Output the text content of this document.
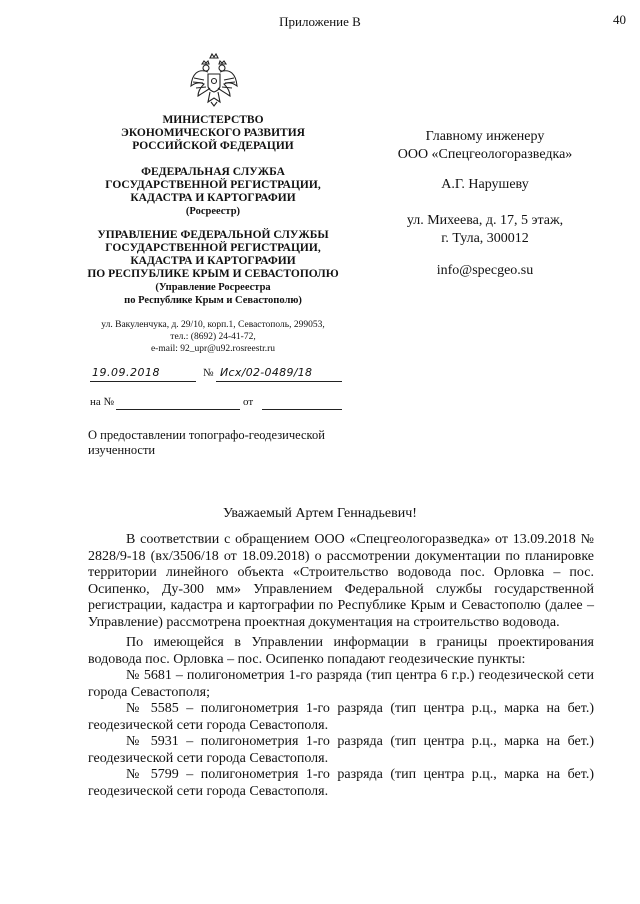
Приложение В	40
МИНИСТЕРСТВО
ЭКОНОМИЧЕСКОГО РАЗВИТИЯ
РОССИЙСКОЙ ФЕДЕРАЦИИ
ФЕДЕРАЛЬНАЯ СЛУЖБА
ГОСУДАРСТВЕННОЙ РЕГИСТРАЦИИ,
КАДАСТРА И КАРТОГРАФИИ
(Росреестр)
УПРАВЛЕНИЕ ФЕДЕРАЛЬНОЙ СЛУЖБЫ
ГОСУДАРСТВЕННОЙ РЕГИСТРАЦИИ,
КАДАСТРА И КАРТОГРАФИИ
ПО РЕСПУБЛИКЕ КРЫМ И СЕВАСТОПОЛЮ
(Управление Росреестра
по Республике Крым и Севастополю)
ул. Вакуленчука, д. 29/10, корп.1, Севастополь, 299053,
тел.: (8692) 24-41-72,
e-mail: 92_upr@u92.rosreestr.ru
19.09.2018	№ Исх/02-0489/18
на №	от
О предоставлении топографо-геодезической
изученности
Главному инженеру
ООО «Спецгеологоразведка»
А.Г. Нарушеву
ул. Михеева, д. 17, 5 этаж,
г. Тула, 300012
info@specgeo.su
Уважаемый Артем Геннадьевич!

В соответствии с обращением ООО «Спецгеологоразведка» от 13.09.2018 № 2828/9-18 (вх/3506/18 от 18.09.2018) о рассмотрении документации по планировке территории линейного объекта «Строительство водовода пос. Орловка – пос. Осипенко, Ду-300 мм» Управлением Федеральной службы государственной регистрации, кадастра и картографии по Республике Крым и Севастополю (далее – Управление) рассмотрена проектная документация на строительство водовода.

По имеющейся в Управлении информации в границы проектирования водовода пос. Орловка – пос. Осипенко попадают геодезические пункты:

№ 5681 – полигонометрия 1-го разряда (тип центра 6 г.р.) геодезической сети города Севастополя;

№ 5585 – полигонометрия 1-го разряда (тип центра р.ц., марка на бет.) геодезической сети города Севастополя.

№ 5931 – полигонометрия 1-го разряда (тип центра р.ц., марка на бет.) геодезической сети города Севастополя.

№ 5799 – полигонометрия 1-го разряда (тип центра р.ц., марка на бет.) геодезической сети города Севастополя.
